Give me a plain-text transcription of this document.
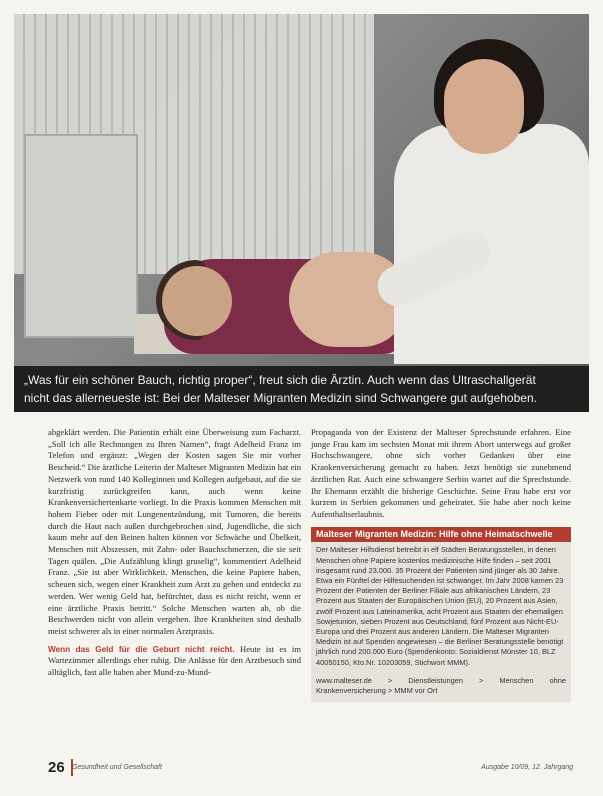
„Was für ein schöner Bauch, richtig proper“, freut sich die Ärztin. Auch wenn das Ultraschallgerät
nicht das allerneueste ist: Bei der Malteser Migranten Medizin sind Schwangere gut aufgehoben.

abgeklärt werden. Die Patientin erhält eine Überweisung zum Facharzt. „Soll ich alle Rechnungen zu Ihren Namen“, fragt Adelheid Franz im Telefon und ergänzt: „Wegen der Kosten sagen Sie mir vorher Bescheid.“ Die ärztliche Leiterin der Malteser Migranten Medizin hat ein Netzwerk von rund 140 Kolleginnen und Kollegen aufgebaut, auf die sie kurzfristig zurückgreifen kann, auch wenn keine Krankenversichertenkarte vorliegt. In die Praxis kommen Menschen mit hohem Fieber oder mit Lungenentzündung, mit Tumoren, die bereits durch die Haut nach außen durchgebrochen sind, Jugendliche, die sich kaum mehr auf den Beinen halten können vor Schwäche und Übelkeit, Menschen mit Abszessen, mit Zahn- oder Bauchschmerzen, die sie seit Tagen quälen. „Die Aufzählung klingt gruselig“, kommentiert Adelheid Franz. „Sie ist aber Wirklichkeit. Menschen, die keine Papiere haben, scheuen sich, wegen einer Krankheit zum Arzt zu gehen und entdeckt zu werden. Wer wenig Geld hat, befürchtet, dass es nicht reicht, wenn er eine ärztliche Praxis betritt.“ Solche Menschen warten ab, ob die Beschwerden nicht von allein vergehen. Ihre Krankheiten sind deshalb meist schwerer als in einer normalen Arztpraxis.

Wenn das Geld für die Geburt nicht reicht. Heute ist es im Wartezimmer allerdings eher ruhig. Die Anlässe für den Arztbesuch sind alltäglich, fast alle haben aber Mund-zu-Mund-

Propaganda von der Existenz der Malteser Sprechstunde erfahren. Eine junge Frau kam im sechsten Monat mit ihrem Abort unterwegs auf großer Hochschwangere, ohne sich vorher Gedanken über eine Krankenversicherung gemacht zu haben. Jetzt benötigt sie zunehmend ärztlichen Rat. Auch eine schwangere Serbin wartet auf die Sprechstunde. Ihr Ehemann erzählt die bisherige Geschichte. Seine Frau habe erst vor kurzem in Serbien gekommen und geheiratet. Sie habe aber noch keine Aufenthaltserlaubnis.

Malteser Migranten Medizin: Hilfe ohne Heimatschwelle
Der Malteser Hilfsdienst betreibt in elf Städten Beratungsstellen, in denen Menschen ohne Papiere kostenlos medizinische Hilfe finden – seit 2001 insgesamt rund 23.000. 35 Prozent der Patienten sind jünger als 30 Jahre. Etwa ein Fünftel der Hilfesuchenden ist schwanger. Im Jahr 2008 kamen 23 Prozent der Patienten der Berliner Filiale aus afrikanischen Ländern, 23 Prozent aus Staaten der Europäischen Union (EU), 20 Prozent aus Asien, zwölf Prozent aus Lateinamerika, acht Prozent aus Staaten der ehemaligen Sowjetunion, sieben Prozent aus Deutschland, fünf Prozent aus Nicht-EU-Europa und drei Prozent aus anderen Ländern. Die Malteser Migranten Medizin ist auf Spenden angewiesen – die Berliner Beratungsstelle benötigt jährlich rund 200.000 Euro (Spendenkonto: Sozialdienst Münster 10, BLZ 40050150, Kto.Nr. 10203059, Stichwort MMM).
www.malteser.de > Dienstleistungen > Menschen ohne Krankenversicherung > MMM vor Ort
26	Gesundheit und Gesellschaft	Ausgabe 10/09, 12. Jahrgang
